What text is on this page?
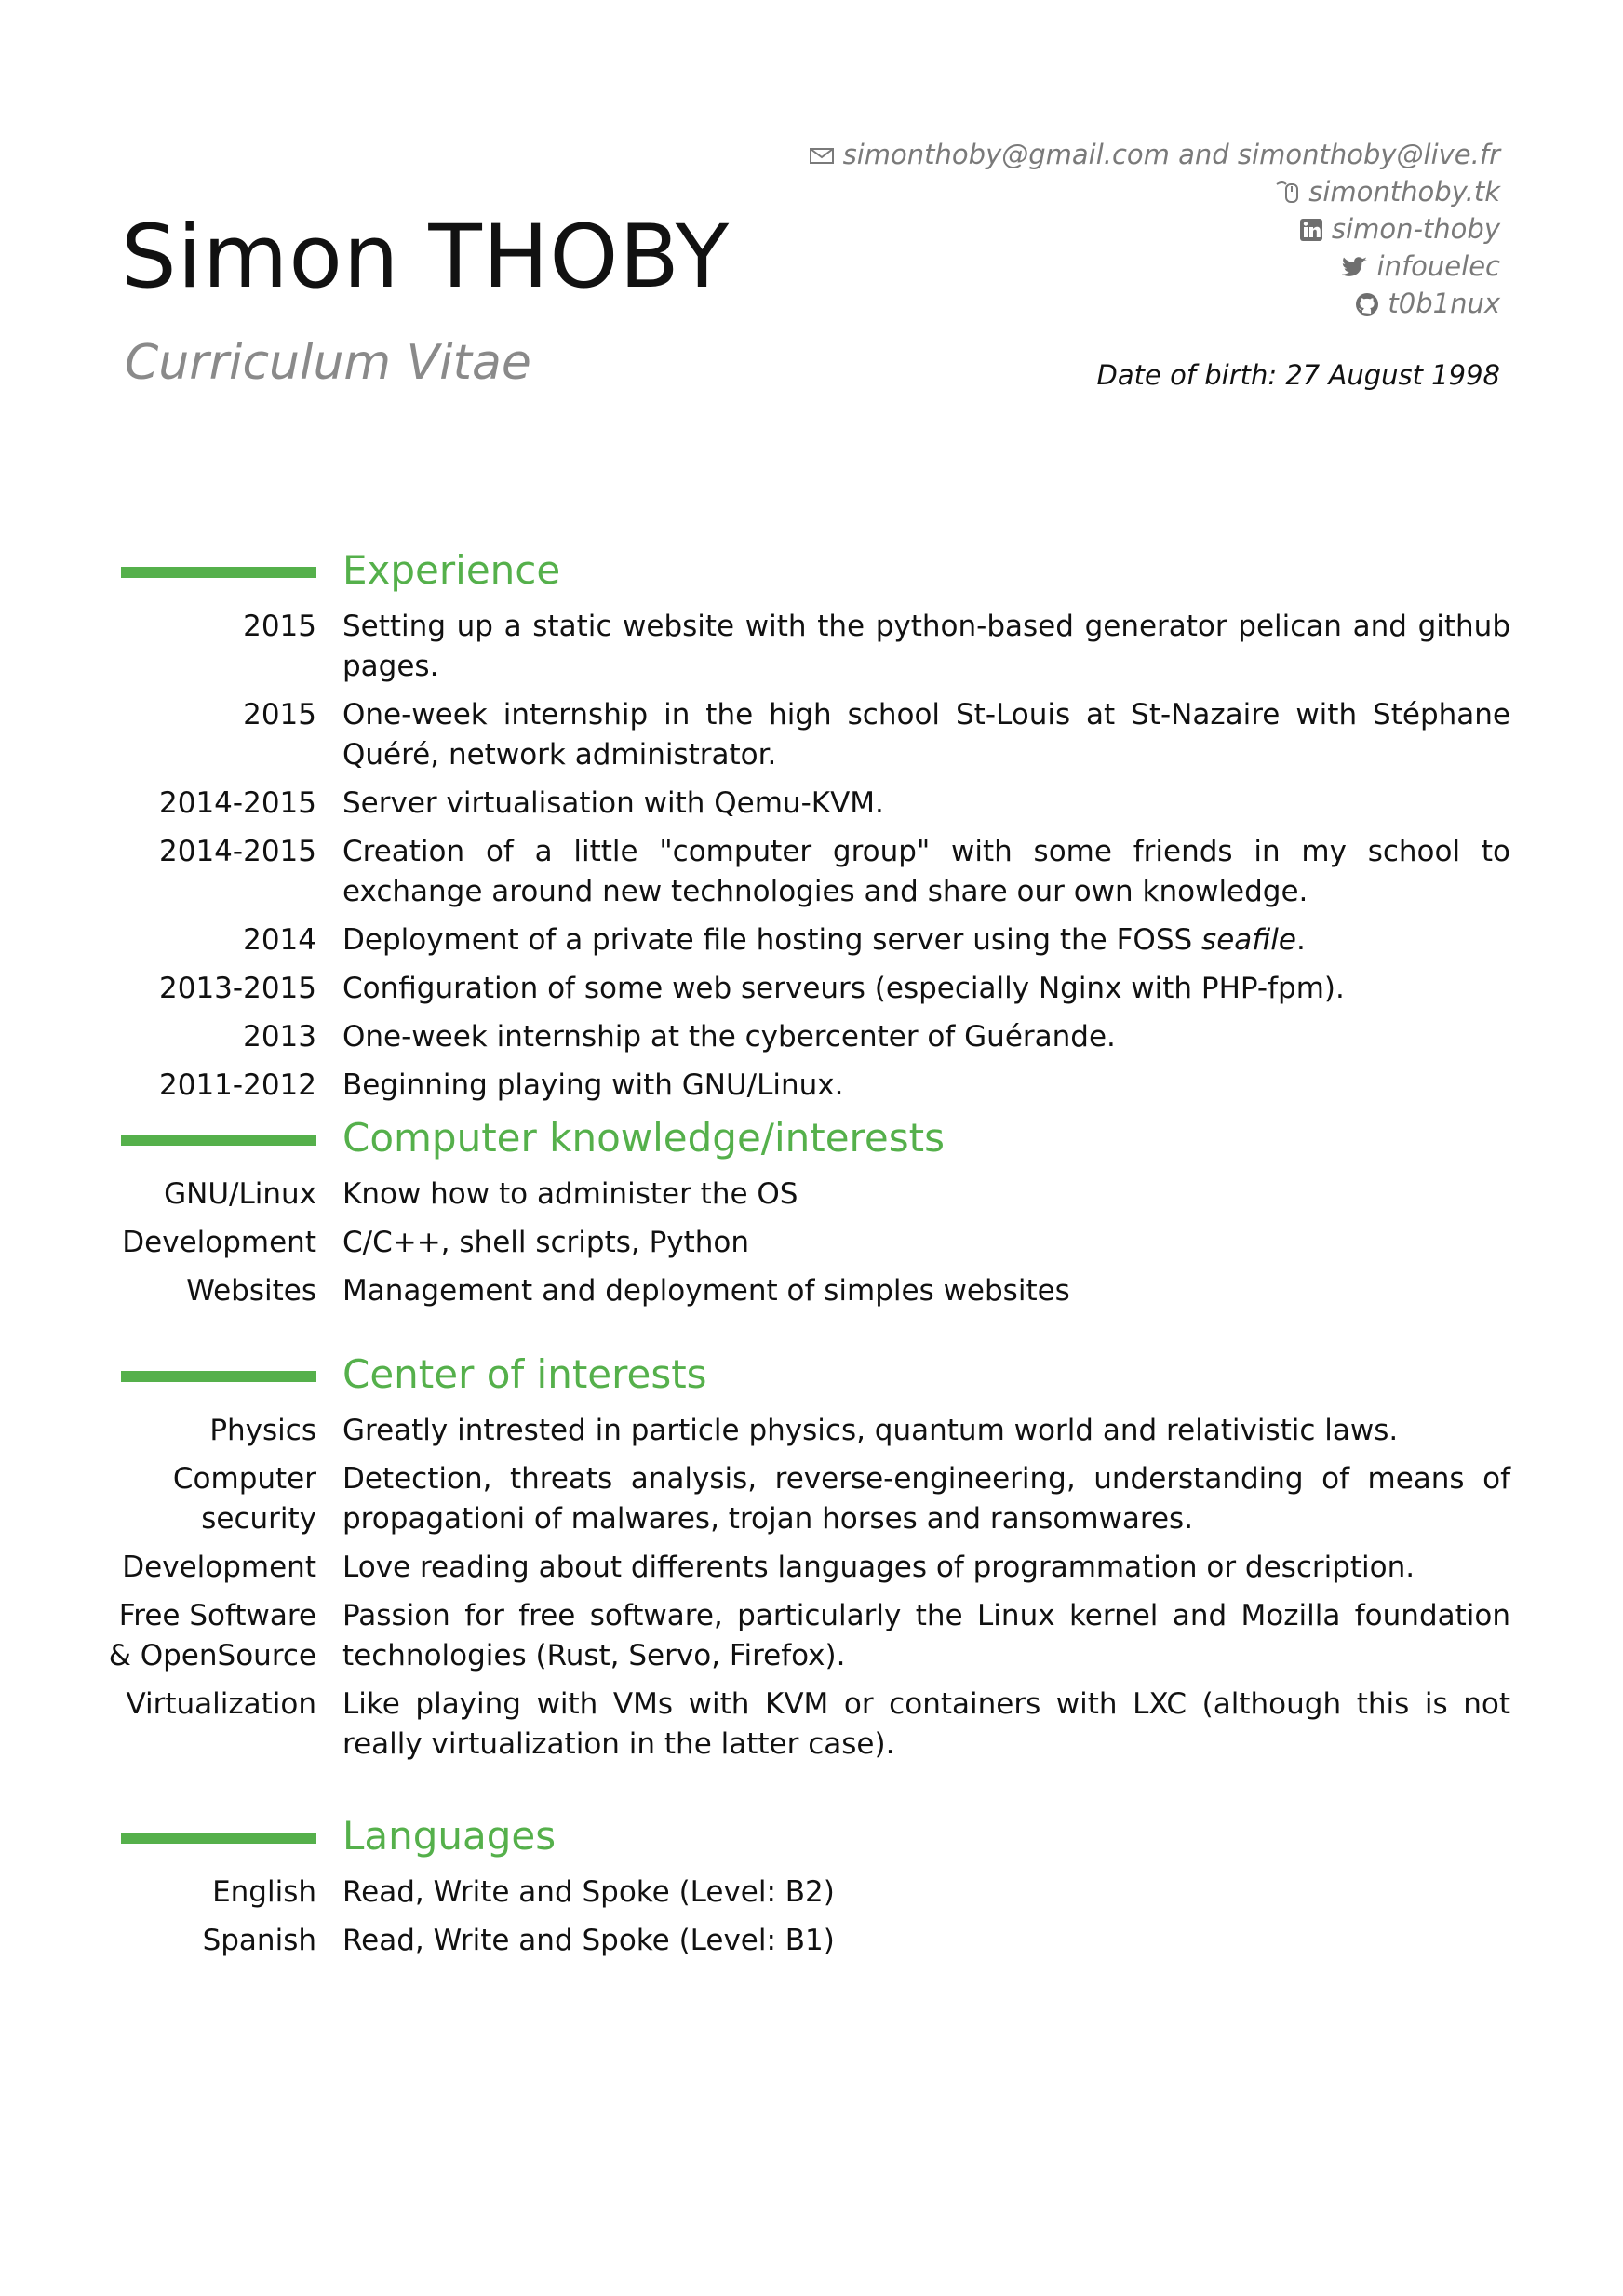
Simon THOBY
Curriculum Vitae
simonthoby@gmail.com and simonthoby@live.fr
simonthoby.tk
simon-thoby
infouelec
t0b1nux
Date of birth: 27 August 1998
Experience
2015 Setting up a static website with the python-based generator pelican and github pages.
2015 One-week internship in the high school St-Louis at St-Nazaire with Stéphane Quéré, network administrator.
2014-2015 Server virtualisation with Qemu-KVM.
2014-2015 Creation of a little "computer group" with some friends in my school to exchange around new technologies and share our own knowledge.
2014 Deployment of a private file hosting server using the FOSS seafile.
2013-2015 Configuration of some web serveurs (especially Nginx with PHP-fpm).
2013 One-week internship at the cybercenter of Guérande.
2011-2012 Beginning playing with GNU/Linux.
Computer knowledge/interests
GNU/Linux Know how to administer the OS
Development C/C++, shell scripts, Python
Websites Management and deployment of simples websites
Center of interests
Physics Greatly intrested in particle physics, quantum world and relativistic laws.
Computer
security
Detection, threats analysis, reverse-engineering, understanding of means of propagationi of malwares, trojan horses and ransomwares.
Development Love reading about differents languages of programmation or description.
Free Software
& OpenSource
Passion for free software, particularly the Linux kernel and Mozilla foundation technologies (Rust, Servo, Firefox).
Virtualization Like playing with VMs with KVM or containers with LXC (although this is not really virtualization in the latter case).
Languages
English Read, Write and Spoke (Level: B2)
Spanish Read, Write and Spoke (Level: B1)
